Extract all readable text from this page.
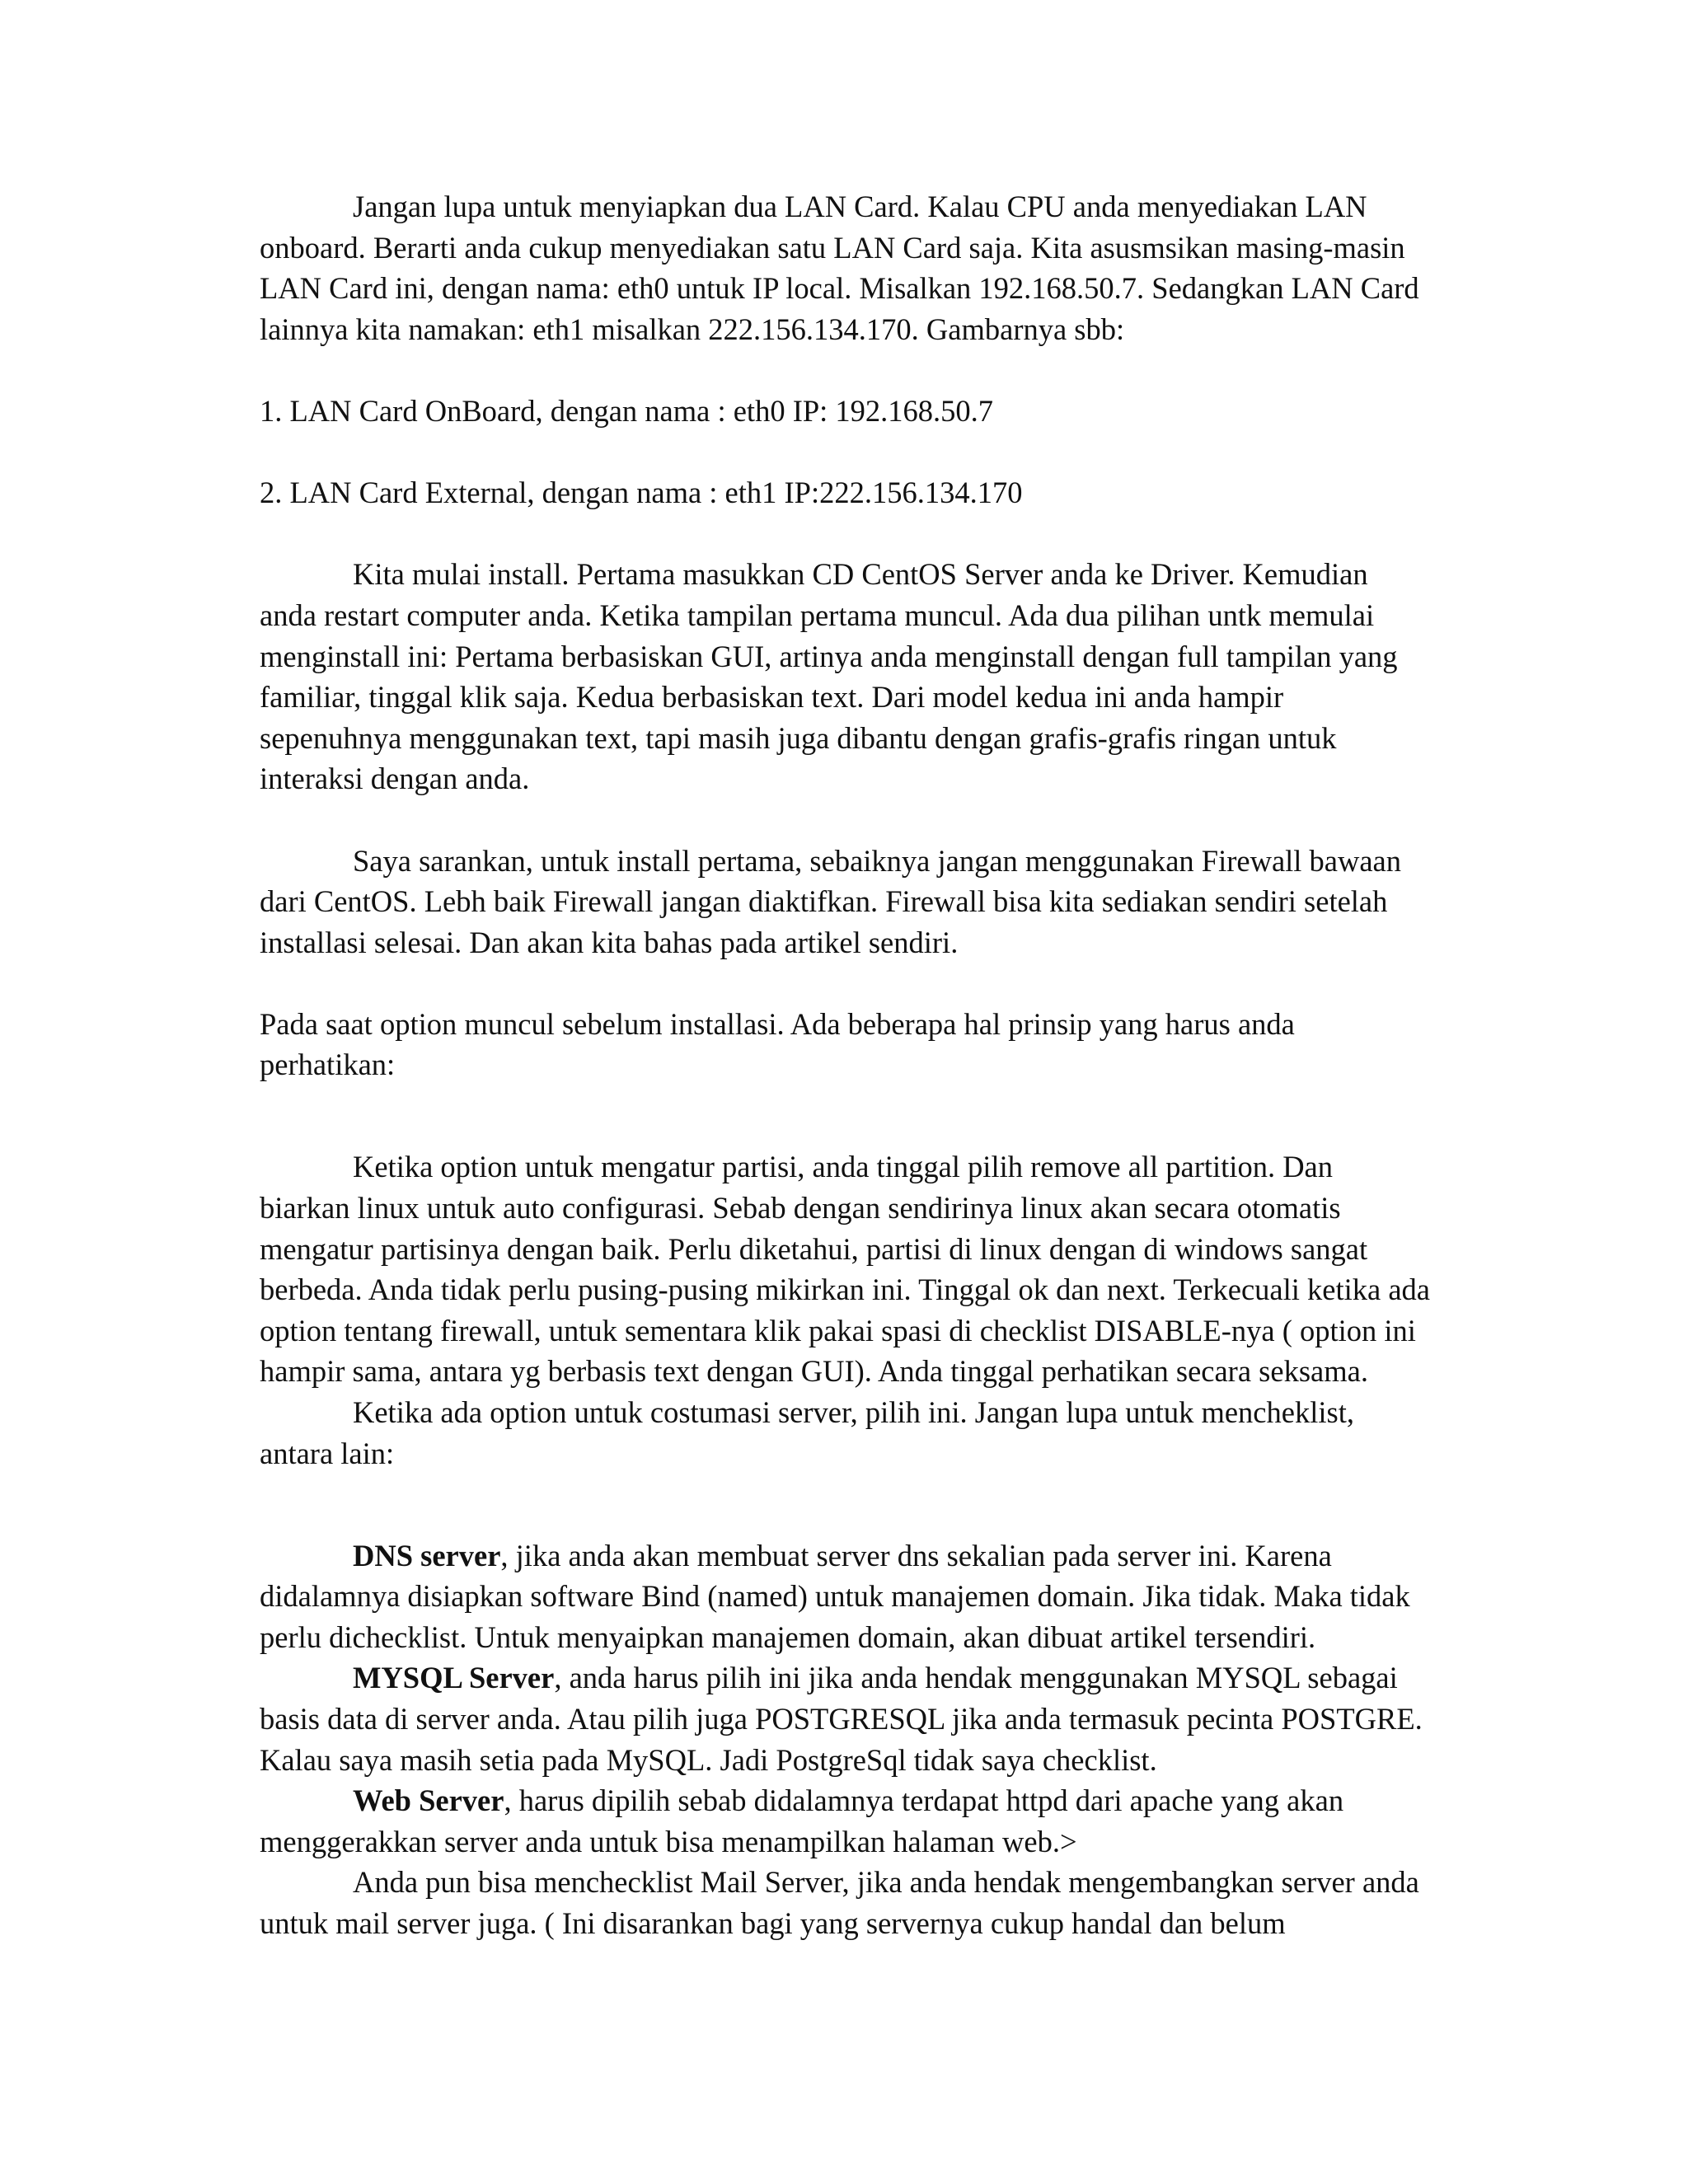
Jangan lupa untuk menyiapkan dua LAN Card. Kalau CPU anda menyediakan LAN onboard. Berarti anda cukup menyediakan satu LAN Card saja. Kita asusmsikan masing-masin LAN Card ini, dengan nama: eth0 untuk IP local. Misalkan 192.168.50.7. Sedangkan LAN Card lainnya kita namakan: eth1 misalkan 222.156.134.170. Gambarnya sbb:

1. LAN Card OnBoard, dengan nama : eth0 IP: 192.168.50.7

2. LAN Card External, dengan nama : eth1 IP:222.156.134.170

Kita mulai install. Pertama masukkan CD CentOS Server anda ke Driver. Kemudian anda restart computer anda. Ketika tampilan pertama muncul. Ada dua pilihan untk memulai menginstall ini: Pertama berbasiskan GUI, artinya anda menginstall dengan full tampilan yang familiar, tinggal klik saja. Kedua berbasiskan text. Dari model kedua ini anda hampir sepenuhnya menggunakan text, tapi masih juga dibantu dengan grafis-grafis ringan untuk interaksi dengan anda.

Saya sarankan, untuk install pertama, sebaiknya jangan menggunakan Firewall bawaan dari CentOS. Lebh baik Firewall jangan diaktifkan. Firewall bisa kita sediakan sendiri setelah installasi selesai. Dan akan kita bahas pada artikel sendiri.

Pada saat option muncul sebelum installasi. Ada beberapa hal prinsip yang harus anda perhatikan:

Ketika option untuk mengatur partisi, anda tinggal pilih remove all partition. Dan biarkan linux untuk auto configurasi. Sebab dengan sendirinya linux akan secara otomatis mengatur partisinya dengan baik. Perlu diketahui, partisi di linux dengan di windows sangat berbeda. Anda tidak perlu pusing-pusing mikirkan ini. Tinggal ok dan next. Terkecuali ketika ada option tentang firewall, untuk sementara klik pakai spasi di checklist DISABLE-nya ( option ini hampir sama, antara yg berbasis text dengan GUI). Anda tinggal perhatikan secara seksama.

Ketika ada option untuk costumasi server, pilih ini. Jangan lupa untuk mencheklist, antara lain:

DNS server, jika anda akan membuat server dns sekalian pada server ini. Karena didalamnya disiapkan software Bind (named) untuk manajemen domain. Jika tidak. Maka tidak perlu dichecklist. Untuk menyaipkan manajemen domain, akan dibuat artikel tersendiri.

MYSQL Server, anda harus pilih ini jika anda hendak menggunakan MYSQL sebagai basis data di server anda. Atau pilih juga POSTGRESQL jika anda termasuk pecinta POSTGRE. Kalau saya masih setia pada MySQL. Jadi PostgreSql tidak saya checklist.

Web Server, harus dipilih sebab didalamnya terdapat httpd dari apache yang akan menggerakkan server anda untuk bisa menampilkan halaman web.>

Anda pun bisa menchecklist Mail Server, jika anda hendak mengembangkan server anda untuk mail server juga. ( Ini disarankan bagi yang servernya cukup handal dan belum
